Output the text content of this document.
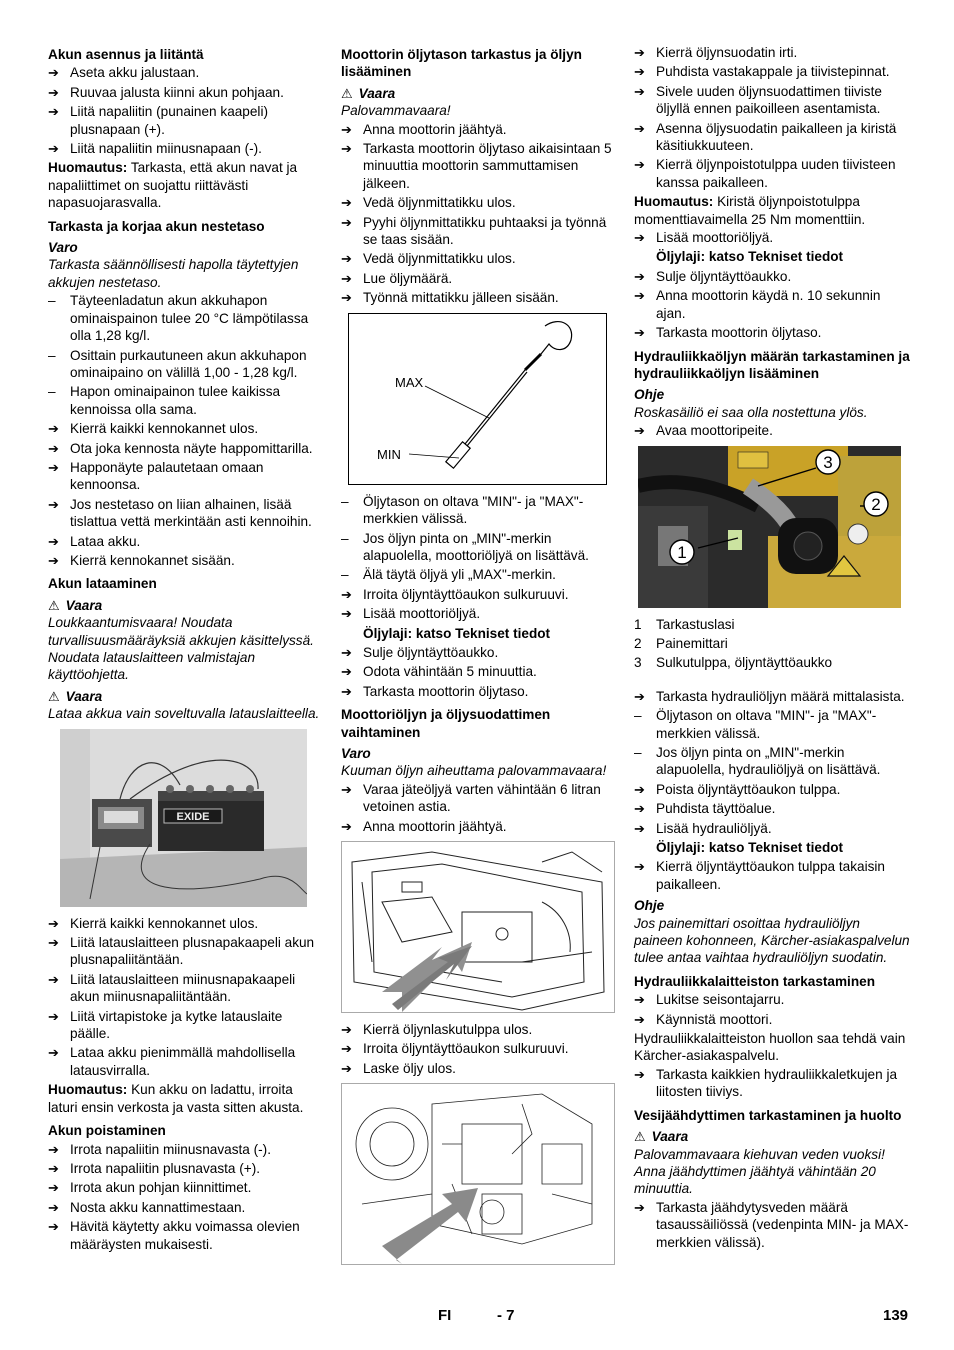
Akun asennus ja liitäntä
➔ Aseta akku jalustaan.
➔ Ruuvaa jalusta kiinni akun pohjaan.
➔ Liitä napaliitin (punainen kaapeli) plusnapaan (+).
➔ Liitä napaliitin miinusnapaan (-).
Huomautus: Tarkasta, että akun navat ja napaliittimet on suojattu riittävästi napasuojarasvalla.
Tarkasta ja korjaa akun nestetaso
Varo
Tarkasta säännöllisesti hapolla täytettyjen akkujen nestetaso.
–	Täyteenladatun akun akkuhapon ominaispainon tulee 20 °C lämpötilassa olla 1,28 kg/l.
–	Osittain purkautuneen akun akkuhapon ominaipaino on välillä 1,00 - 1,28 kg/l.
–	Hapon ominaipainon tulee kaikissa kennoissa olla sama.
➔ Kierrä kaikki kennokannet ulos.
➔ Ota joka kennosta näyte happomittarilla.
➔ Happonäyte palautetaan omaan kennoonsa.
➔ Jos nestetaso on liian alhainen, lisää tislattua vettä merkintään asti kennoihin.
➔ Lataa akku.
➔ Kierrä kennokannet sisään.
Akun lataaminen
⚠ Vaara
Loukkaantumisvaara! Noudata turvallisuusmääräyksiä akkujen käsittelyssä. Noudata latauslaitteen valmistajan käyttöohjetta.
⚠ Vaara
Lataa akkua vain soveltuvalla latauslaitteella.
EXIDE
➔ Kierrä kaikki kennokannet ulos.
➔ Liitä latauslaitteen plusnapakaapeli akun plusnapaliitäntään.
➔ Liitä latauslaitteen miinusnapakaapeli akun miinusnapaliitäntään.
➔ Liitä virtapistoke ja kytke latauslaite päälle.
➔ Lataa akku pienimmällä mahdollisella latausvirralla.
Huomautus: Kun akku on ladattu, irroita laturi ensin verkosta ja vasta sitten akusta.
Akun poistaminen
➔ Irrota napaliitin miinusnavasta (-).
➔ Irrota napaliitin plusnavasta (+).
➔ Irrota akun pohjan kiinnittimet.
➔ Nosta akku kannattimestaan.
➔ Hävitä käytetty akku voimassa olevien määräysten mukaisesti.
Moottorin öljytason tarkastus ja öljyn lisääminen
⚠ Vaara
Palovammavaara!
➔ Anna moottorin jäähtyä.
➔ Tarkasta moottorin öljytaso aikaisintaan 5 minuuttia moottorin sammuttamisen jälkeen.
➔ Vedä öljynmittatikku ulos.
➔ Pyyhi öljynmittatikku puhtaaksi ja työnnä se taas sisään.
➔ Vedä öljynmittatikku ulos.
➔ Lue öljymäärä.
➔ Työnnä mittatikku jälleen sisään.
MAX
MIN
–	Öljytason on oltava "MIN"- ja "MAX"-merkkien välissä.
–	Jos öljyn pinta on „MIN"-merkin alapuolella, moottoriöljyä on lisättävä.
–	Älä täytä öljyä yli „MAX"-merkin.
➔ Irroita öljyntäyttöaukon sulkuruuvi.
➔ Lisää moottoriöljyä.
Öljylaji: katso Tekniset tiedot
➔ Sulje öljyntäyttöaukko.
➔ Odota vähintään 5 minuuttia.
➔ Tarkasta moottorin öljytaso.
Moottoriöljyn ja öljysuodattimen vaihtaminen
Varo
Kuuman öljyn aiheuttama palovammavaara!
➔ Varaa jäteöljyä varten vähintään 6 litran vetoinen astia.
➔ Anna moottorin jäähtyä.
➔ Kierrä öljynlaskutulppa ulos.
➔ Irroita öljyntäyttöaukon sulkuruuvi.
➔ Laske öljy ulos.
➔ Kierrä öljynsuodatin irti.
➔ Puhdista vastakappale ja tiivistepinnat.
➔ Sivele uuden öljynsuodattimen tiiviste öljyllä ennen paikoilleen asentamista.
➔ Asenna öljysuodatin paikalleen ja kiristä käsitiukkuuteen.
➔ Kierrä öljynpoistotulppa uuden tiivisteen kanssa paikalleen.
Huomautus: Kiristä öljynpoistotulppa momenttiavaimella 25 Nm momenttiin.
➔ Lisää moottoriöljyä.
Öljylaji: katso Tekniset tiedot
➔ Sulje öljyntäyttöaukko.
➔ Anna moottorin käydä n. 10 sekunnin ajan.
➔ Tarkasta moottorin öljytaso.
Hydrauliikkaöljyn määrän tarkastaminen ja hydrauliikkaöljyn lisääminen
Ohje
Roskasäiliö ei saa olla nostettuna ylös.
➔ Avaa moottoripeite.
3
2
1
1	Tarkastuslasi
2	Painemittari
3	Sulkutulppa, öljyntäyttöaukko
➔ Tarkasta hydrauliöljyn määrä mittalasista.
–	Öljytason on oltava "MIN"- ja "MAX"-merkkien välissä.
–	Jos öljyn pinta on „MIN"-merkin alapuolella, hydrauliöljyä on lisättävä.
➔ Poista öljyntäyttöaukon tulppa.
➔ Puhdista täyttöalue.
➔ Lisää hydrauliöljyä.
Öljylaji: katso Tekniset tiedot
➔ Kierrä öljyntäyttöaukon tulppa takaisin paikalleen.
Ohje
Jos painemittari osoittaa hydrauliöljyn paineen kohonneen, Kärcher-asiakaspalvelun tulee antaa vaihtaa hydrauliöljyn suodatin.
Hydrauliikkalaitteiston tarkastaminen
➔ Lukitse seisontajarru.
➔ Käynnistä moottori.
Hydrauliikkalaitteiston huollon saa tehdä vain Kärcher-asiakaspalvelu.
➔ Tarkasta kaikkien hydrauliikkaletkujen ja liitosten tiiviys.
Vesijäähdyttimen tarkastaminen ja huolto
⚠ Vaara
Palovammavaara kiehuvan veden vuoksi! Anna jäähdyttimen jäähtyä vähintään 20 minuuttia.
➔ Tarkasta jäähdytysveden määrä tasaussäiliössä (vedenpinta MIN- ja MAX-merkkien välissä).
FI	- 7	139
